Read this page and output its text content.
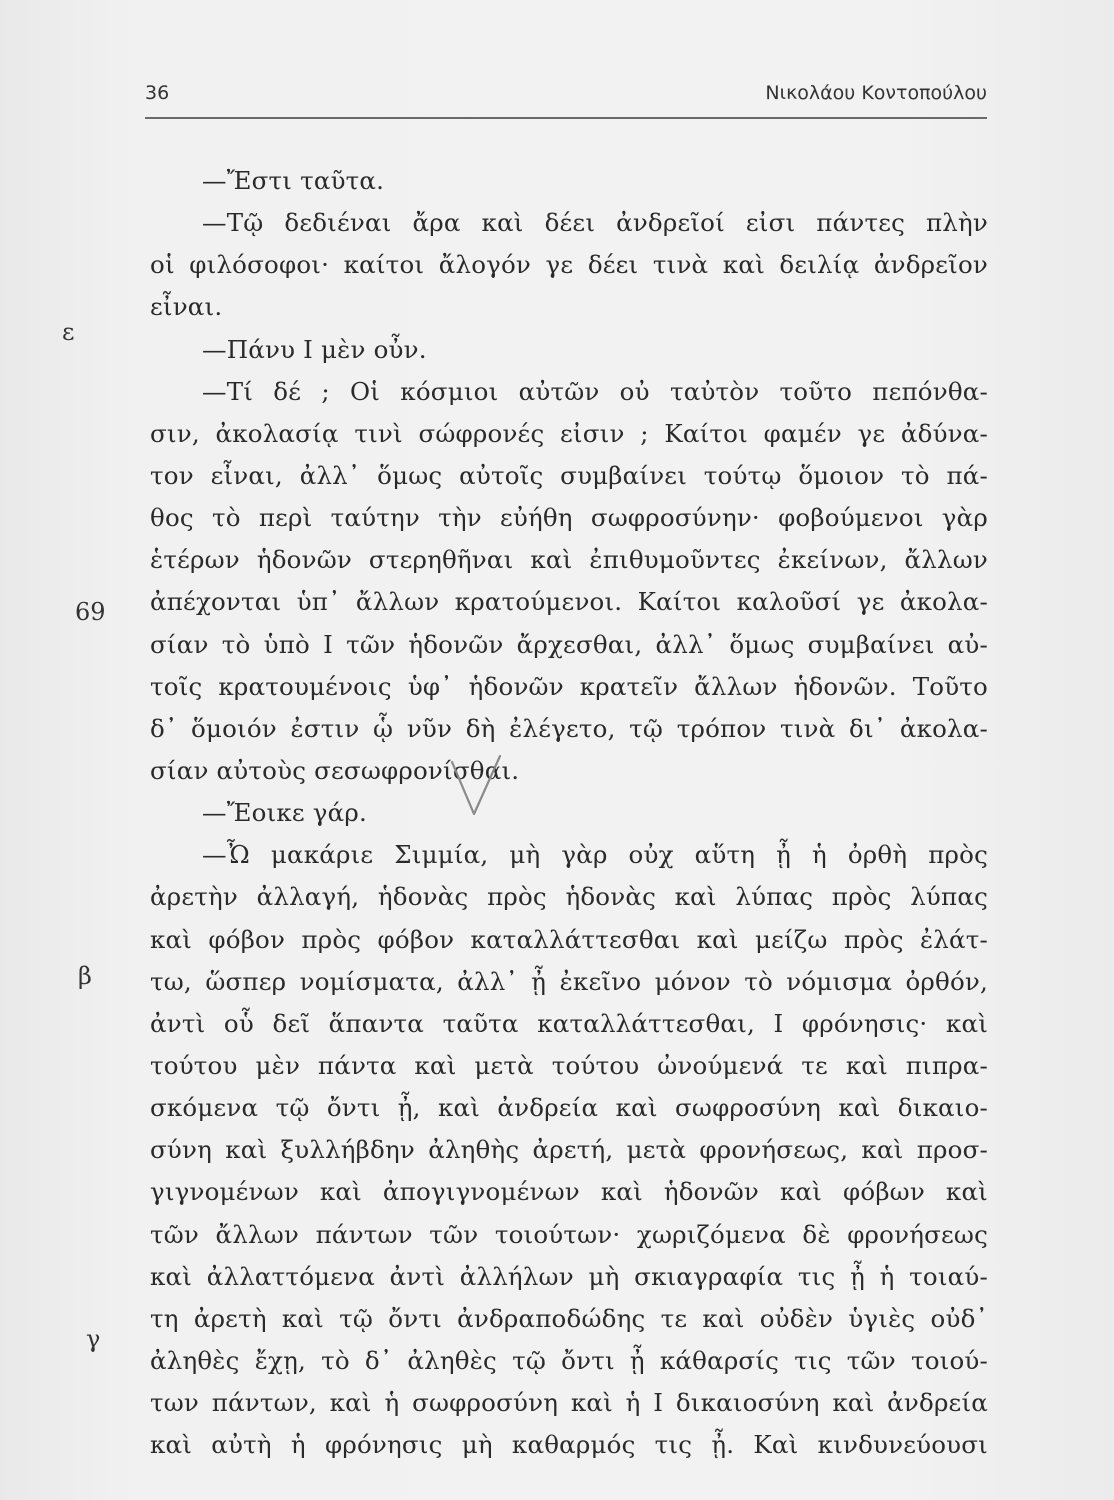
36	Νικολάου Κοντοπούλου
ε
69
β
γ
—Ἔστι ταῦτα.
—Τῷ δεδιέναι ἄρα καὶ δέει ἀνδρεῖοί εἰσι πάντες πλὴν
οἱ φιλόσοφοι· καίτοι ἄλογόν γε δέει τινὰ καὶ δειλίᾳ ἀνδρεῖον
εἶναι.
—Πάνυ I μὲν οὖν.
—Τί δέ ; Οἱ κόσμιοι αὐτῶν οὐ ταὐτὸν τοῦτο πεπόνθα-
σιν, ἀκολασίᾳ τινὶ σώφρονές εἰσιν ; Καίτοι φαμέν γε ἀδύνα-
τον εἶναι, ἀλλ᾽ ὅμως αὐτοῖς συμβαίνει τούτῳ ὅμοιον τὸ πά-
θος τὸ περὶ ταύτην τὴν εὐήθη σωφροσύνην· φοβούμενοι γὰρ
ἑτέρων ἡδονῶν στερηθῆναι καὶ ἐπιθυμοῦντες ἐκείνων, ἄλλων
ἀπέχονται ὑπ᾽ ἄλλων κρατούμενοι. Καίτοι καλοῦσί γε ἀκολα-
σίαν τὸ ὑπὸ I τῶν ἡδονῶν ἄρχεσθαι, ἀλλ᾽ ὅμως συμβαίνει αὐ-
τοῖς κρατουμένοις ὑφ᾽ ἡδονῶν κρατεῖν ἄλλων ἡδονῶν. Τοῦτο
δ᾽ ὅμοιόν ἐστιν ᾧ νῦν δὴ ἐλέγετο, τῷ τρόπον τινὰ δι᾽ ἀκολα-
σίαν αὐτοὺς σεσωφρονίσθαι.
—Ἔοικε γάρ.
—Ὦ μακάριε Σιμμία, μὴ γὰρ οὐχ αὕτη ᾖ ἡ ὀρθὴ πρὸς
ἀρετὴν ἀλλαγή, ἡδονὰς πρὸς ἡδονὰς καὶ λύπας πρὸς λύπας
καὶ φόβον πρὸς φόβον καταλλάττεσθαι καὶ μείζω πρὸς ἐλάτ-
τω, ὥσπερ νομίσματα, ἀλλ᾽ ᾖ ἐκεῖνο μόνον τὸ νόμισμα ὀρθόν,
ἀντὶ οὗ δεῖ ἅπαντα ταῦτα καταλλάττεσθαι, I φρόνησις· καὶ
τούτου μὲν πάντα καὶ μετὰ τούτου ὠνούμενά τε καὶ πιπρα-
σκόμενα τῷ ὄντι ᾖ, καὶ ἀνδρεία καὶ σωφροσύνη καὶ δικαιο-
σύνη καὶ ξυλλήβδην ἀληθὴς ἀρετή, μετὰ φρονήσεως, καὶ προσ-
γιγνομένων καὶ ἀπογιγνομένων καὶ ἡδονῶν καὶ φόβων καὶ
τῶν ἄλλων πάντων τῶν τοιούτων· χωριζόμενα δὲ φρονήσεως
καὶ ἀλλαττόμενα ἀντὶ ἀλλήλων μὴ σκιαγραφία τις ᾖ ἡ τοιαύ-
τη ἀρετὴ καὶ τῷ ὄντι ἀνδραποδώδης τε καὶ οὐδὲν ὑγιὲς οὐδ᾽
ἀληθὲς ἔχῃ, τὸ δ᾽ ἀληθὲς τῷ ὄντι ᾖ κάθαρσίς τις τῶν τοιού-
των πάντων, καὶ ἡ σωφροσύνη καὶ ἡ I δικαιοσύνη καὶ ἀνδρεία
καὶ αὐτὴ ἡ φρόνησις μὴ καθαρμός τις ᾖ. Καὶ κινδυνεύουσι
